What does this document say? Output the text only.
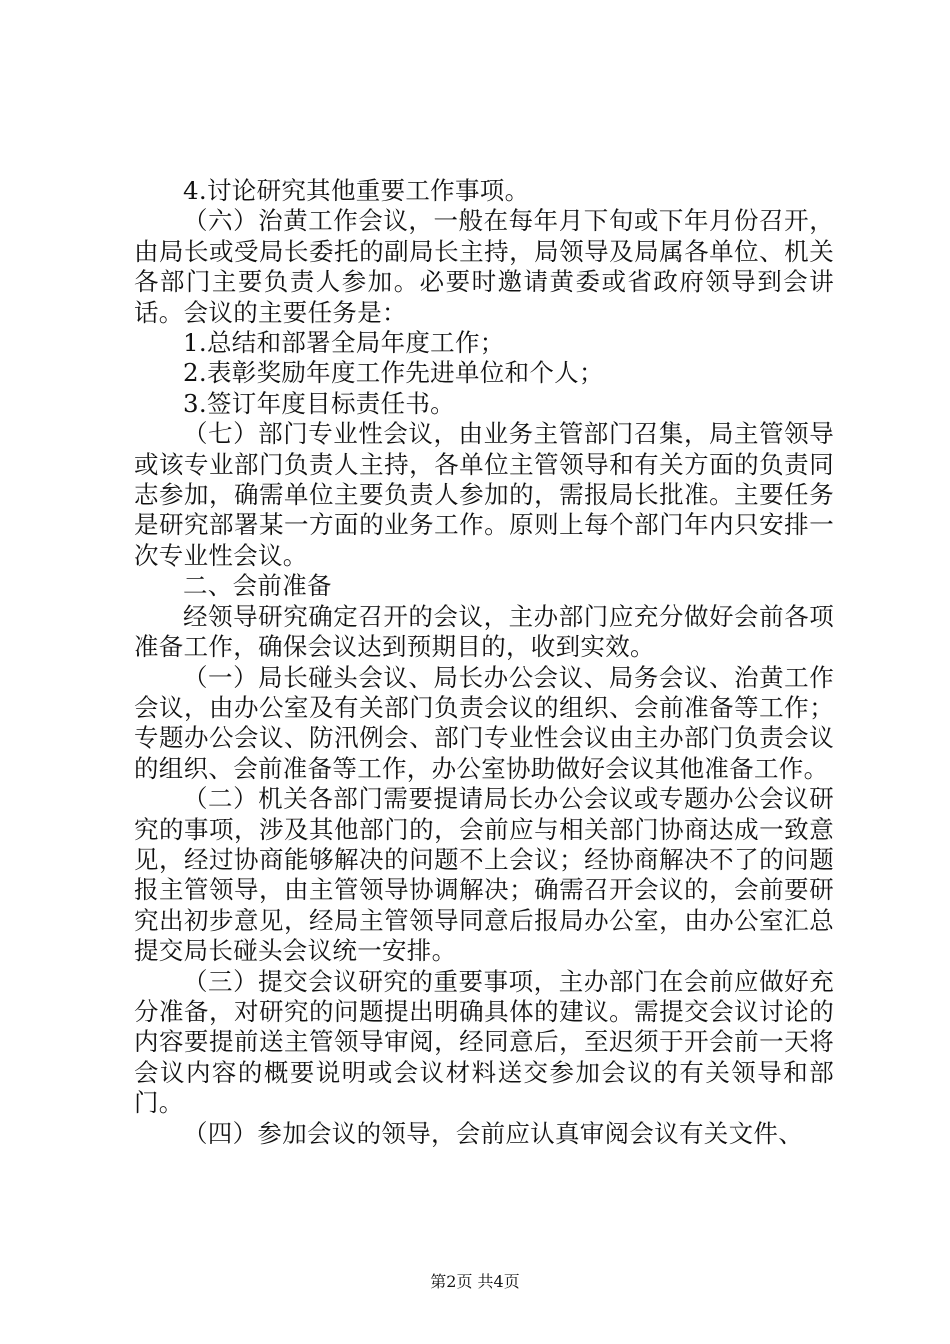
4.讨论研究其他重要工作事项。

（六）治黄工作会议，一般在每年月下旬或下年月份召开，由局长或受局长委托的副局长主持，局领导及局属各单位、机关各部门主要负责人参加。必要时邀请黄委或省政府领导到会讲话。会议的主要任务是：

1.总结和部署全局年度工作；

2.表彰奖励年度工作先进单位和个人；

3.签订年度目标责任书。

（七）部门专业性会议，由业务主管部门召集，局主管领导或该专业部门负责人主持，各单位主管领导和有关方面的负责同志参加，确需单位主要负责人参加的，需报局长批准。主要任务是研究部署某一方面的业务工作。原则上每个部门年内只安排一次专业性会议。

二、会前准备

经领导研究确定召开的会议，主办部门应充分做好会前各项准备工作，确保会议达到预期目的，收到实效。

（一）局长碰头会议、局长办公会议、局务会议、治黄工作会议，由办公室及有关部门负责会议的组织、会前准备等工作；专题办公会议、防汛例会、部门专业性会议由主办部门负责会议的组织、会前准备等工作，办公室协助做好会议其他准备工作。

（二）机关各部门需要提请局长办公会议或专题办公会议研究的事项，涉及其他部门的，会前应与相关部门协商达成一致意见，经过协商能够解决的问题不上会议；经协商解决不了的问题报主管领导，由主管领导协调解决；确需召开会议的，会前要研究出初步意见，经局主管领导同意后报局办公室，由办公室汇总提交局长碰头会议统一安排。

（三）提交会议研究的重要事项，主办部门在会前应做好充分准备，对研究的问题提出明确具体的建议。需提交会议讨论的内容要提前送主管领导审阅，经同意后，至迟须于开会前一天将会议内容的概要说明或会议材料送交参加会议的有关领导和部门。

（四）参加会议的领导，会前应认真审阅会议有关文件、

第2页 共4页
